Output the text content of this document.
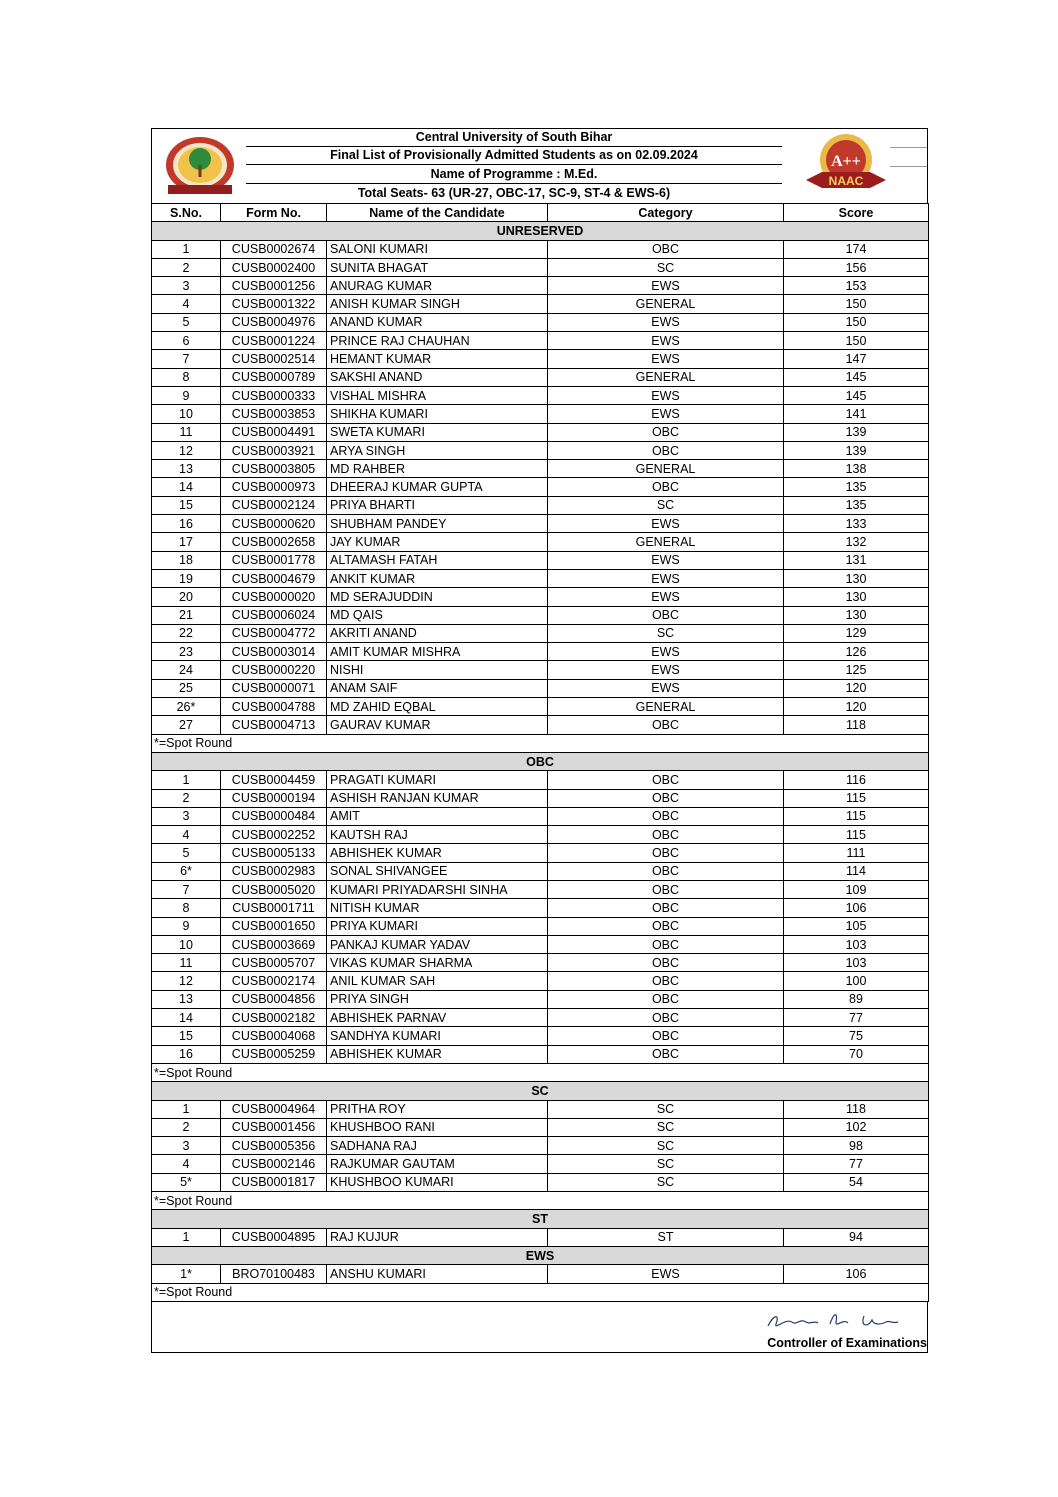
Central University of South Bihar
Final List of Provisionally Admitted Students as on 02.09.2024
Name of Programme : M.Ed.
Total Seats- 63 (UR-27, OBC-17, SC-9, ST-4 & EWS-6)
A++
NAAC
S.No.	Form No.	Name of the Candidate	Category	Score
UNRESERVED				
1	CUSB0002674	SALONI KUMARI	OBC	174
2	CUSB0002400	SUNITA BHAGAT	SC	156
3	CUSB0001256	ANURAG KUMAR	EWS	153
4	CUSB0001322	ANISH KUMAR SINGH	GENERAL	150
5	CUSB0004976	ANAND KUMAR	EWS	150
6	CUSB0001224	PRINCE RAJ CHAUHAN	EWS	150
7	CUSB0002514	HEMANT KUMAR	EWS	147
8	CUSB0000789	SAKSHI ANAND	GENERAL	145
9	CUSB0000333	VISHAL MISHRA	EWS	145
10	CUSB0003853	SHIKHA KUMARI	EWS	141
11	CUSB0004491	SWETA KUMARI	OBC	139
12	CUSB0003921	ARYA SINGH	OBC	139
13	CUSB0003805	MD RAHBER	GENERAL	138
14	CUSB0000973	DHEERAJ KUMAR GUPTA	OBC	135
15	CUSB0002124	PRIYA BHARTI	SC	135
16	CUSB0000620	SHUBHAM PANDEY	EWS	133
17	CUSB0002658	JAY KUMAR	GENERAL	132
18	CUSB0001778	ALTAMASH FATAH	EWS	131
19	CUSB0004679	ANKIT KUMAR	EWS	130
20	CUSB0000020	MD SERAJUDDIN	EWS	130
21	CUSB0006024	MD QAIS	OBC	130
22	CUSB0004772	AKRITI ANAND	SC	129
23	CUSB0003014	AMIT KUMAR MISHRA	EWS	126
24	CUSB0000220	NISHI	EWS	125
25	CUSB0000071	ANAM SAIF	EWS	120
26*	CUSB0004788	MD ZAHID EQBAL	GENERAL	120
27	CUSB0004713	GAURAV KUMAR	OBC	118
*=Spot Round				
OBC				
1	CUSB0004459	PRAGATI KUMARI	OBC	116
2	CUSB0000194	ASHISH RANJAN KUMAR	OBC	115
3	CUSB0000484	AMIT	OBC	115
4	CUSB0002252	KAUTSH RAJ	OBC	115
5	CUSB0005133	ABHISHEK KUMAR	OBC	111
6*	CUSB0002983	SONAL SHIVANGEE	OBC	114
7	CUSB0005020	KUMARI PRIYADARSHI SINHA	OBC	109
8	CUSB0001711	NITISH KUMAR	OBC	106
9	CUSB0001650	PRIYA KUMARI	OBC	105
10	CUSB0003669	PANKAJ KUMAR YADAV	OBC	103
11	CUSB0005707	VIKAS KUMAR SHARMA	OBC	103
12	CUSB0002174	ANIL KUMAR SAH	OBC	100
13	CUSB0004856	PRIYA SINGH	OBC	89
14	CUSB0002182	ABHISHEK PARNAV	OBC	77
15	CUSB0004068	SANDHYA KUMARI	OBC	75
16	CUSB0005259	ABHISHEK KUMAR	OBC	70
*=Spot Round				
SC				
1	CUSB0004964	PRITHA ROY	SC	118
2	CUSB0001456	KHUSHBOO RANI	SC	102
3	CUSB0005356	SADHANA RAJ	SC	98
4	CUSB0002146	RAJKUMAR GAUTAM	SC	77
5*	CUSB0001817	KHUSHBOO KUMARI	SC	54
*=Spot Round				
ST				
1	CUSB0004895	RAJ KUJUR	ST	94
EWS				
1*	BRO70100483	ANSHU KUMARI	EWS	106
*=Spot Round				
Controller of Examinations
